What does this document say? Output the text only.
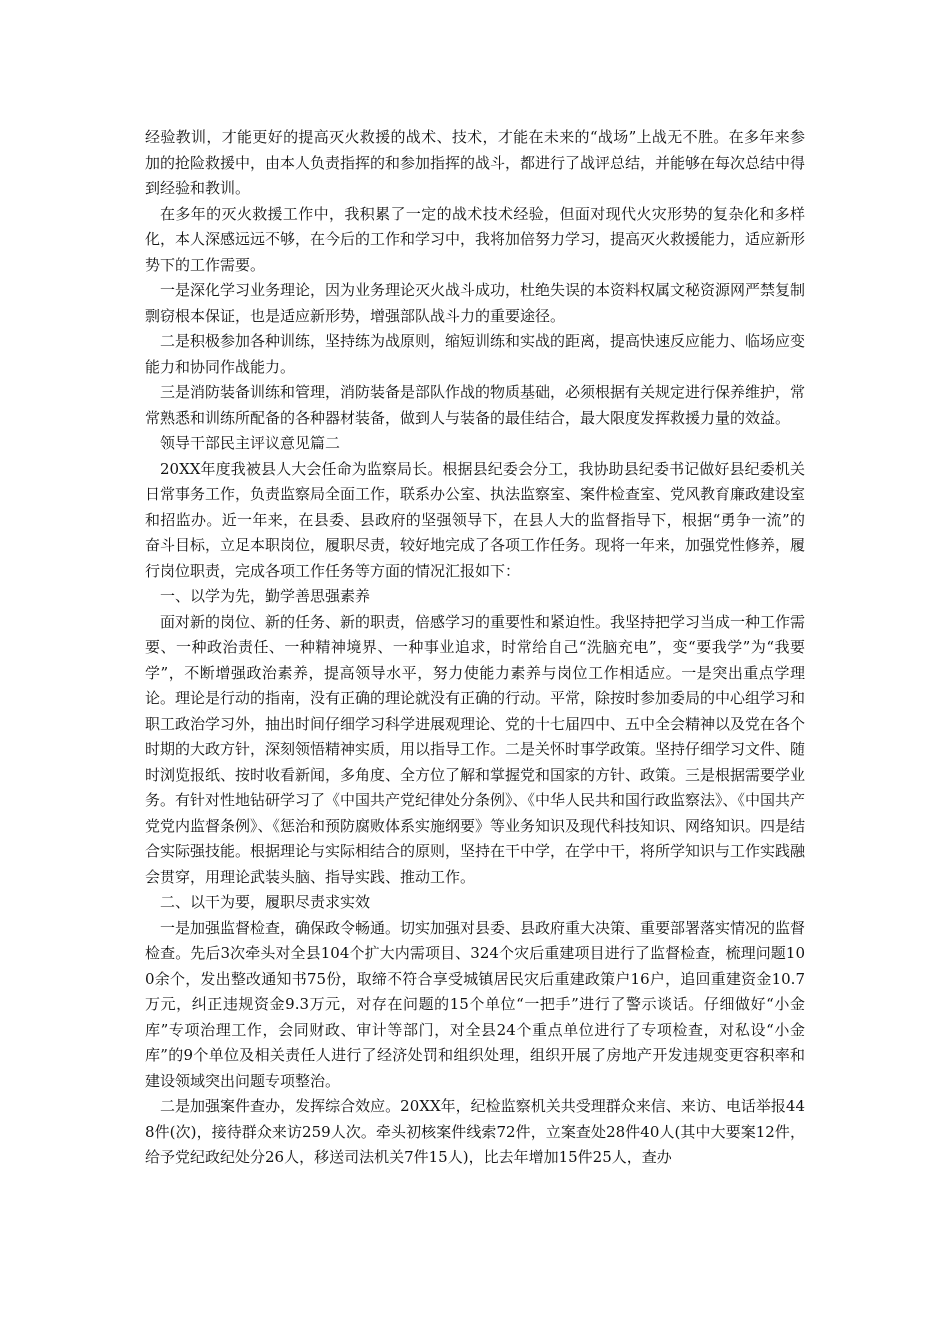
经验教训，才能更好的提高灭火救援的战术、技术，才能在未来的“战场”上战无不胜。在多年来参加的抢险救援中，由本人负责指挥的和参加指挥的战斗，都进行了战评总结，并能够在每次总结中得到经验和教训。

在多年的灭火救援工作中，我积累了一定的战术技术经验，但面对现代火灾形势的复杂化和多样化，本人深感远远不够，在今后的工作和学习中，我将加倍努力学习，提高灭火救援能力，适应新形势下的工作需要。

一是深化学习业务理论，因为业务理论灭火战斗成功，杜绝失误的本资料权属文秘资源网严禁复制剽窃根本保证，也是适应新形势，增强部队战斗力的重要途径。

二是积极参加各种训练，坚持练为战原则，缩短训练和实战的距离，提高快速反应能力、临场应变能力和协同作战能力。

三是消防装备训练和管理，消防装备是部队作战的物质基础，必须根据有关规定进行保养维护，常常熟悉和训练所配备的各种器材装备，做到人与装备的最佳结合，最大限度发挥救援力量的效益。

领导干部民主评议意见篇二

20XX年度我被县人大会任命为监察局长。根据县纪委会分工，我协助县纪委书记做好县纪委机关日常事务工作，负责监察局全面工作，联系办公室、执法监察室、案件检查室、党风教育廉政建设室和招监办。近一年来，在县委、县政府的坚强领导下，在县人大的监督指导下，根据“勇争一流”的奋斗目标，立足本职岗位，履职尽责，较好地完成了各项工作任务。现将一年来，加强党性修养，履行岗位职责，完成各项工作任务等方面的情况汇报如下：

一、以学为先，勤学善思强素养

面对新的岗位、新的任务、新的职责，倍感学习的重要性和紧迫性。我坚持把学习当成一种工作需要、一种政治责任、一种精神境界、一种事业追求，时常给自己“洗脑充电”，变“要我学”为“我要学”，不断增强政治素养，提高领导水平，努力使能力素养与岗位工作相适应。一是突出重点学理论。理论是行动的指南，没有正确的理论就没有正确的行动。平常，除按时参加委局的中心组学习和职工政治学习外，抽出时间仔细学习科学进展观理论、党的十七届四中、五中全会精神以及党在各个时期的大政方针，深刻领悟精神实质，用以指导工作。二是关怀时事学政策。坚持仔细学习文件、随时浏览报纸、按时收看新闻，多角度、全方位了解和掌握党和国家的方针、政策。三是根据需要学业务。有针对性地钻研学习了《中国共产党纪律处分条例》、《中华人民共和国行政监察法》、《中国共产党党内监督条例》、《惩治和预防腐败体系实施纲要》等业务知识及现代科技知识、网络知识。四是结合实际强技能。根据理论与实际相结合的原则，坚持在干中学，在学中干，将所学知识与工作实践融会贯穿，用理论武装头脑、指导实践、推动工作。

二、以干为要，履职尽责求实效

一是加强监督检查，确保政令畅通。切实加强对县委、县政府重大决策、重要部署落实情况的监督检查。先后3次牵头对全县104个扩大内需项目、324个灾后重建项目进行了监督检查，梳理问题100余个，发出整改通知书75份，取缔不符合享受城镇居民灾后重建政策户16户，追回重建资金10.7万元，纠正违规资金9.3万元，对存在问题的15个单位“一把手”进行了警示谈话。仔细做好“小金库”专项治理工作，会同财政、审计等部门，对全县24个重点单位进行了专项检查，对私设“小金库”的9个单位及相关责任人进行了经济处罚和组织处理，组织开展了房地产开发违规变更容积率和建设领域突出问题专项整治。

二是加强案件查办，发挥综合效应。20XX年，纪检监察机关共受理群众来信、来访、电话举报448件(次)，接待群众来访259人次。牵头初核案件线索72件，立案查处28件40人(其中大要案12件，给予党纪政纪处分26人，移送司法机关7件15人)，比去年增加15件25人，查办
